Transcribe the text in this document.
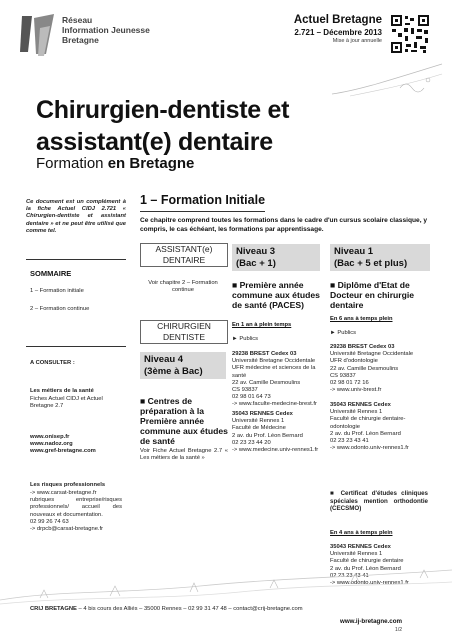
Réseau
Information Jeunesse
Bretagne
Actuel Bretagne
2.721 – Décembre 2013
Mise à jour annuelle
Chirurgien-dentiste et
assistant(e) dentaire
Formation en Bretagne
Ce document est un complément à la fiche Actuel CIDJ 2.721 « Chirurgien-dentiste et assistant dentaire » et ne peut être utilisé que comme tel.
SOMMAIRE
1 – Formation initiale
2 – Formation continue
A CONSULTER :
Les métiers de la santé
Fiches Actuel CIDJ et Actuel Bretagne 2.7
www.onisep.fr
www.nadoz.org
www.gref-bretagne.com
Les risques professionnels
-> www.carsat-bretagne.fr
rubriques entreprise/risques professionnels/ accueil des nouveaux et documentation.
02 99 26 74 63
-> drpcb@carsat-bretagne.fr
1 – Formation Initiale
Ce chapitre comprend toutes les formations dans le cadre d'un cursus scolaire classique, y compris, le cas échéant, les formations par apprentissage.
ASSISTANT(e)
DENTAIRE
Voir chapitre 2 – Formation continue
CHIRURGIEN
DENTISTE
Niveau 4
(3ème à Bac)
■ Centres de préparation à la Première année commune aux études de santé
Voir Fiche Actuel Bretagne 2.7 « Les métiers de la santé »
Niveau 3
(Bac + 1)
■ Première année commune aux études de santé (PACES)
En 1 an à plein temps
► Publics
29238 BREST Cedex 03
Université Bretagne Occidentale
UFR médecine et sciences de la santé
22 av. Camille Desmoulins
CS 93837
02 98 01 64 73
-> www.faculte-medecine-brest.fr
35043 RENNES Cedex
Université Rennes 1
Faculté de Médecine
2 av. du Prof. Léon Bernard
02 23 23 44 20
-> www.medecine.univ-rennes1.fr
Niveau 1
(Bac + 5 et plus)
■ Diplôme d'Etat de Docteur en chirurgie dentaire
En 6 ans à temps plein
► Publics
29238 BREST Cedex 03
Université Bretagne Occidentale
UFR d'odontologie
22 av. Camille Desmoulins
CS 93837
02 98 01 72 16
-> www.univ-brest.fr
35043 RENNES Cedex
Université Rennes 1
Faculté de chirurgie dentaire-odontologie
2 av. du Prof. Léon Bernard
02 23 23 43 41
-> www.odonto.univ-rennes1.fr
■ Certificat d'études cliniques spéciales mention orthodontie (CECSMO)
En 4 ans à temps plein
35043 RENNES Cedex
Université Rennes 1
Faculté de chirurgie dentaire
2 av. du Prof. Léon Bernard
02 23 23 43 41
-> www.odonto.univ-rennes1.fr
CRIJ BRETAGNE – 4 bis cours des Alliés – 35000 Rennes – 02 99 31 47 48 – contact@crij-bretagne.com
www.ij-bretagne.com
1/2
